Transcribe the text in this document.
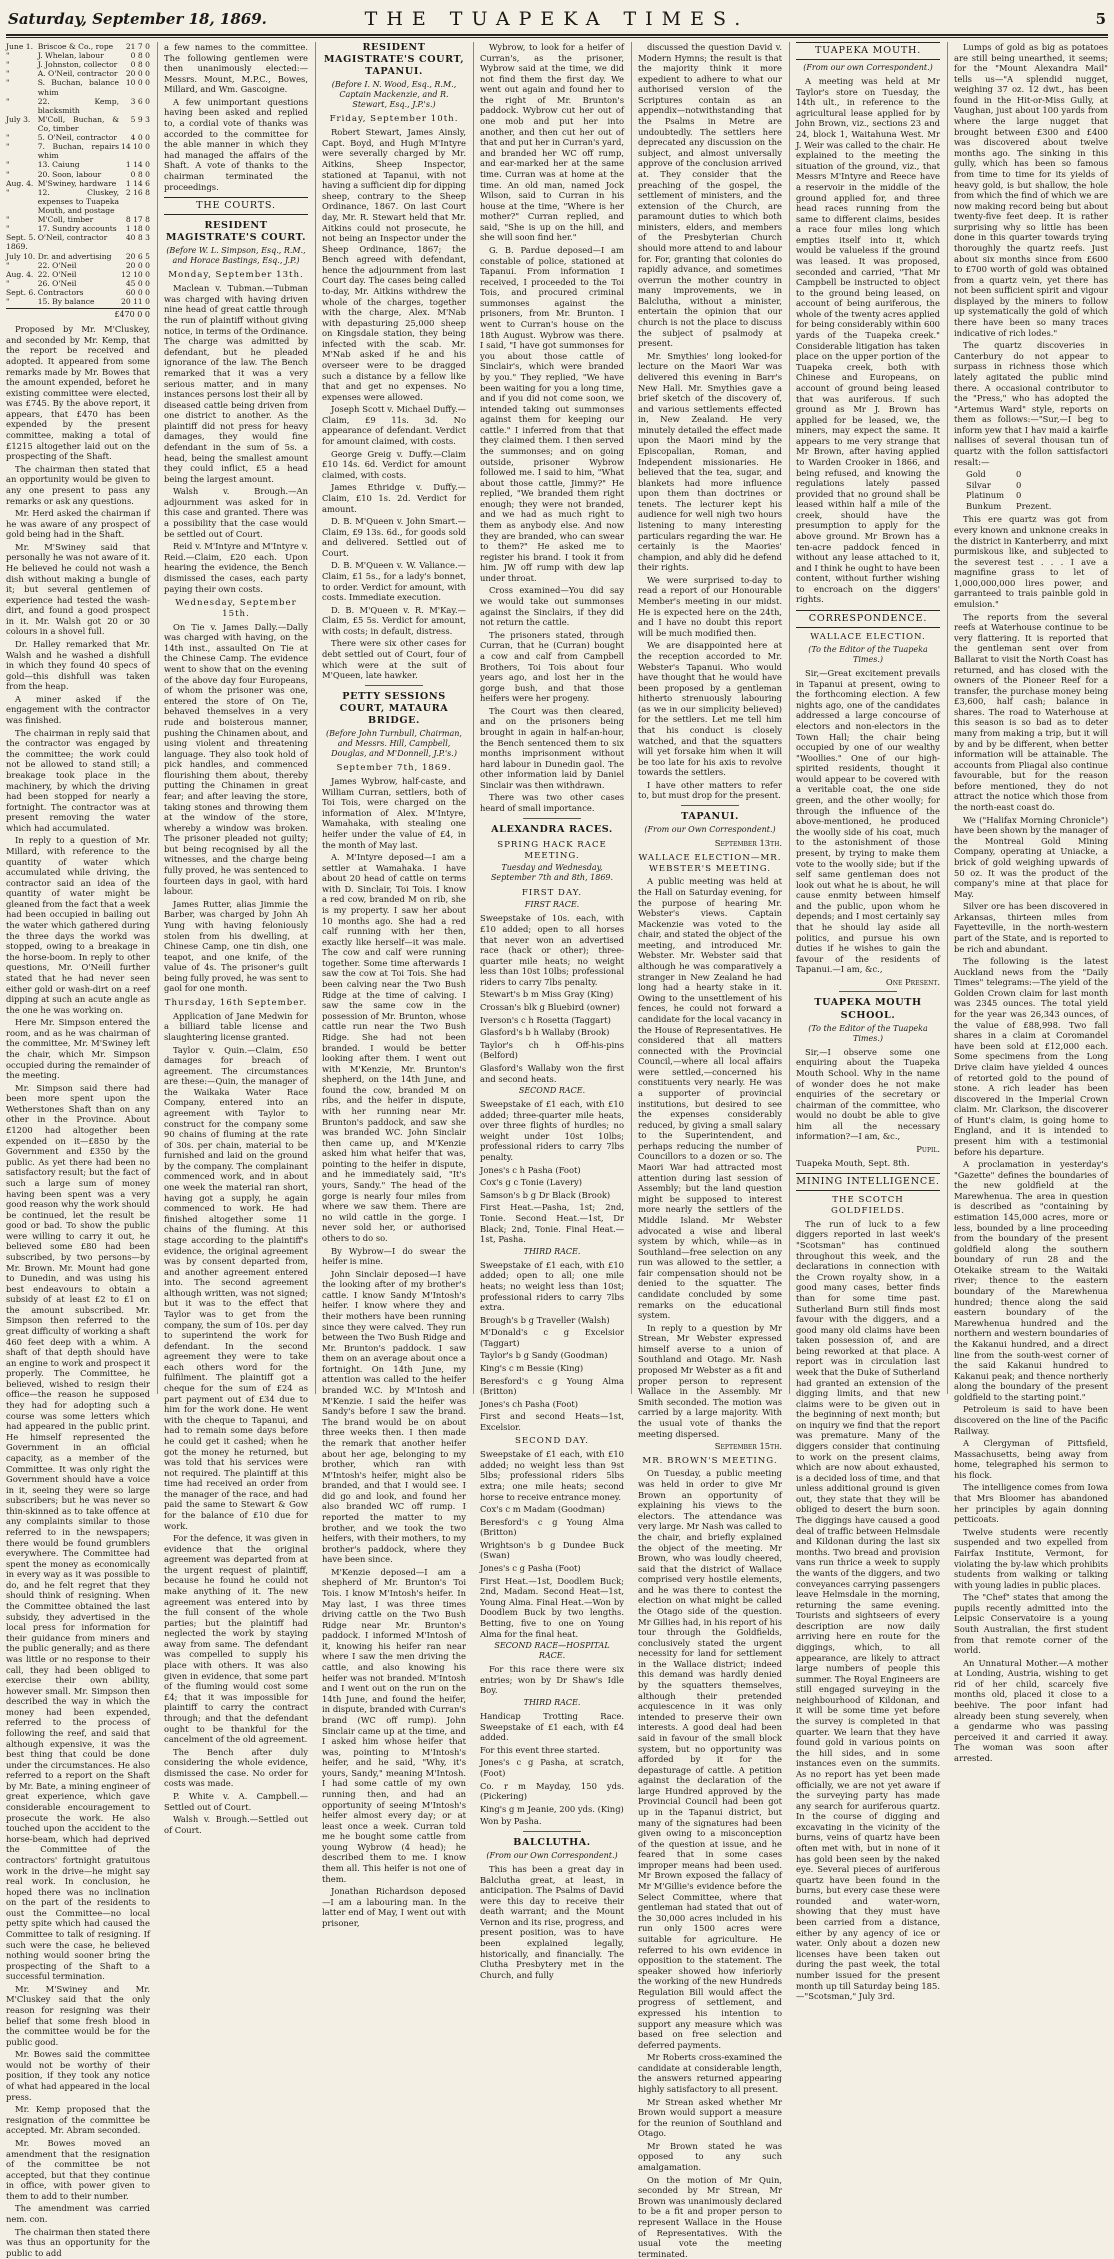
Saturday, September 18, 1869.	THE TUAPEKA TIMES.	5
June 1.	Briscoe & Co., rope	21 7 0
"	J. Whelan, labour	0 8 0
"	J. Johnston, collector	0 8 0
"	A. O'Neil, contractor	20 0 0
"	S. Buchan, balance whim	10 0 0
"	22. Kemp, blacksmith	3 6 0
July 3.	M'Coll, Buchan, & Co, timber	5 9 3
"	5. O'Neil, contractor	4 0 0
"	7. Buchan, repairs whim	14 10 0
"	13. Caiung	1 14 0
"	20. Soon, labour	0 8 0
Aug. 4.	M'Swiney, hardware	1 14 6
"	12. Cluskey, expenses to Tuapeka Mouth, and postage	2 16 8
"	M'Coll, timber	8 17 8
"	17. Sundry accounts	1 18 0
Sept. 5.	O'Neil, contractor	40 8 3
1869.		
July 10.	Dr. and advertising	20 6 5
"	22. O'Neil	20 0 0
Aug. 4.	22. O'Neil	12 10 0
"	26. O'Neil	45 0 0
Sept. 6.	Contractors	60 0 0
"	15. By balance	20 11 0
£470 0 0

Proposed by Mr. M'Cluskey, and seconded by Mr. Kemp, that the report be received and adopted. It appeared from some remarks made by Mr. Bowes that the amount expended, beforet he existing committee were elected, was £745. By the above report, it appears, that £470 has been expended by the present committee, making a total of £1215 altogether laid out on the prospecting of the Shaft.

The chairman then stated that an opportunity would be given to any one present to pass any remarks or ask any questions.

Mr. Herd asked the chairman if he was aware of any prospect of gold being had in the Shaft.

Mr. M'Swiney said that personally he was not aware of it. He believed he could not wash a dish without making a bungle of it; but several gentlemen of experience had tested the wash-dirt, and found a good prospect in it. Mr. Walsh got 20 or 30 colours in a shovel full.

Dr. Halley remarked that Mr. Walsh and he washed a dishfull in which they found 40 specs of gold—this dishfull was taken from the heap.

A miner asked if the engagement with the contractor was finished.

The chairman in reply said that the contractor was engaged by the committee; the work could not be allowed to stand still; a breakage took place in the machinery, by which the driving had been stopped for nearly a fortnight. The contractor was at present removing the water which had accumulated.

In reply to a question of Mr. Millard, with reference to the quantity of water which accumulated while driving, the contractor said an idea of the quantity of water might be gleaned from the fact that a week had been occupied in bailing out the water which gathered during the three days the workd was stopped, owing to a breakage in the horse-boom. In reply to other questions, Mr. O'Neill further stated that he had never seen either gold or wash-dirt on a reef dipping at such an acute angle as the one he was working on.

Here Mr. Simpson entered the room, and as he was chairman of the committee, Mr. M'Swiney left the chair, which Mr. Simpson occupied during the remainder of the meeting.

Mr. Simpson said there had been more spent upon the Wetherstones Shaft than on any other in the Province. About £1200 had altogether been expended on it—£850 by the Government and £350 by the public. As yet there had been no satisfactory result; but the fact of such a large sum of money having been spent was a very good reason why the work should be continued, let the result be good or bad. To show the public were willing to carry it out, he believed some £80 had been subscribed, by two persons—by Mr. Brown. Mr. Mount had gone to Dunedin, and was using his best endeavours to obtain a subsidy of at least £2 to £1 on the amount subscribed. Mr. Simpson then referred to the great difficulty of working a shaft 460 feet deep with a whim. A shaft of that depth should have an engine to work and prospect it properly. The Committee, he believed, wished to resign their office—the reason he supposed they had for adopting such a course was some letters which had appeared in the public print. He himself represented the Government in an official capacity, as a member of the Committee. It was only right the Government should have a voice in it, seeing they were so large subscribers; but he was never so thin-skinned as to take offence at any complaints similar to those referred to in the newspapers; there would be found grumblers everywhere. The Committee had spent the money as economically in every way as it was possible to do, and he felt regret that they should think of resigning. When the Committee obtained the last subsidy, they advertised in the local press for information for their guidance from miners and the public generally; and as there was little or no response to their call, they had been obliged to exercise their own ability, however small. Mr. Simpson then described the way in which the money had been expended, referred to the process of following the reef, and said that although expensive, it was the best thing that could be done under the circumstances. He also referred to a report on the Shaft by Mr. Bate, a mining engineer of great experience, which gave considerable encouragement to prosecute the work. He also touched upon the accident to the horse-beam, which had deprived the Committee of the contractors' fortnight gratuitous work in the drive—he might say real work. In conclusion, he hoped there was no inclination on the part of the residents to oust the Committee—no local petty spite which had caused the Committee to talk of resigning. If such were the case, he believed nothing would sooner bring the prospecting of the Shaft to a successful termination.

Mr. M'Swiney and Mr. M'Cluskey said that the only reason for resigning was their belief that some fresh blood in the committee would be for the public good.

Mr. Bowes said the committee would not be worthy of their position, if they took any notice of what had appeared in the local press.

Mr. Kemp proposed that the resignation of the committee be accepted. Mr. Abram seconded.

Mr. Bowes moved an amendment that the resignation of the committee be not accepted, but that they continue in office, with power given to them to add to their number.

The amendment was carried nem. con.

The chairman then stated there was thus an opportunity for the public to add

a few names to the committee. The following gentlemen were then unanimously elected:—Messrs. Mount, M.P.C., Bowes, Millard, and Wm. Gascoigne.

A few unimportant questions having been asked and replied to, a cordial vote of thanks was accorded to the committee for the able manner in which they had managed the affairs of the Shaft. A vote of thanks to the chairman terminated the proceedings.

THE COURTS.
RESIDENT MAGISTRATE'S COURT.
(Before W. L. Simpson, Esq., R.M., and Horace Bastings, Esq., J.P.)
Monday, September 13th.

Maclean v. Tubman.—Tubman was charged with having driven nine head of great cattle through the run of plaintiff without giving notice, in terms of the Ordinance. The charge was admitted by defendant, but he pleaded ignorance of the law. The Bench remarked that it was a very serious matter, and in many instances persons lost their all by diseased cattle being driven from one district to another. As the plaintiff did not press for heavy damages, they would fine defendant in the sum of 5s. a head, being the smallest amount they could inflict, £5 a head being the largest amount.

Walsh v. Brough.—An adjournment was asked for in this case and granted. There was a possibility that the case would be settled out of Court.

Reid v. M'Intyre and M'Intyre v. Reid.—Claim, £20 each. Upon hearing the evidence, the Bench dismissed the cases, each party paying their own costs.

Wednesday, September 15th.

On Tie v. James Dally.—Dally was charged with having, on the 14th inst., assaulted On Tie at the Chinese Camp. The evidence went to show that on the evening of the above day four Europeans, of whom the prisoner was one, entered the store of On Tie, behaved themselves in a very rude and boisterous manner, pushing the Chinamen about, and using violent and threatening language. They also took hold of pick handles, and commenced flourishing them about, thereby putting the Chinamen in great fear; and after leaving the store, taking stones and throwing them at the window of the store, whereby a window was broken. The prisoner pleaded not guilty; but being recognised by all the witnesses, and the charge being fully proved, he was sentenced to fourteen days in gaol, with hard labour.

James Rutter, alias Jimmie the Barber, was charged by John Ah Yung with having feloniously stolen from his dwelling, at Chinese Camp, one tin dish, one teapot, and one knife, of the value of 4s. The prisoner's guilt being fully proved, he was sent to gaol for one month.

Thursday, 16th September.

Application of Jane Medwin for a billiard table license and slaughtering license granted.

Taylor v. Quin.—Claim, £50 damages for breach of agreement. The circumstances are these:—Quin, the manager of the Waikaka Water Race Company, entered into an agreement with Taylor to construct for the company some 90 chains of fluming at the rate of 30s. per chain, material to be furnished and laid on the ground by the company. The complainant commenced work, and in about one week the material ran short, having got a supply, he again commenced to work. He had finished altogether some 11 chains of the fluming. At this stage according to the plaintiff's evidence, the original agreement was by consent departed from, and another agreement entered into. The second agreement although written, was not signed; but it was to the effect that Taylor was to get from the company, the sum of 10s. per day to superintend the work for defendant. In the second agreement they were to take each others word for the fulfilment. The plaintiff got a cheque for the sum of £24 as part payment out of £34 due to him for the work done. He went with the cheque to Tapanui, and had to remain some days before he could get it cashed; when he got the money he returned, but was told that his services were not required. The plaintiff at this time had received an order from the manager of the race, and had paid the same to Stewart & Gow for the balance of £10 due for work.

For the defence, it was given in evidence that the original agreement was departed from at the urgent request of plaintiff, because he found he could not make anything of it. The new agreement was entered into by the full consent of the whole parties; but the plaintiff had neglected the work by staying away from same. The defendant was compelled to supply his place with others. It was also given in evidence, that some part of the fluming would cost some £4; that it was impossible for plaintiff to carry the contract through; and that the defendant ought to be thankful for the cancelment of the old agreement.

The Bench after duly considering the whole evidence, dismissed the case. No order for costs was made.

P. White v. A. Campbell.—Settled out of Court.

Walsh v. Brough.—Settled out of Court.

RESIDENT MAGISTRATE'S COURT, TAPANUI.
(Before I. N. Wood, Esq., R.M., Captain Mackenzie, and R. Stewart, Esq., J.P.'s.)
Friday, September 10th.

Robert Stewart, James Ainsly, Capt. Boyd, and Hugh M'Intyre were severally charged by Mr. Aitkins, Sheep Inspector, stationed at Tapanui, with not having a sufficient dip for dipping sheep, contrary to the Sheep Ordinance, 1867. On last Court day, Mr. R. Stewart held that Mr. Aitkins could not prosecute, he not being an Inspector under the Sheep Ordinance, 1867; the Bench agreed with defendant, hence the adjournment from last Court day. The cases being called to-day, Mr. Aitkins withdrew the whole of the charges, together with the charge, Alex. M'Nab with depasturing 25,000 sheep on Kingsdale station, they being infected with the scab. Mr. M'Nab asked if he and his overseer were to be dragged such a distance by a fellow like that and get no expenses. No expenses were allowed.

Joseph Scott v. Michael Duffy.—Claim, £9 11s. 3d. No appearance of defendant. Verdict for amount claimed, with costs.

George Greig v. Duffy.—Claim £10 14s. 6d. Verdict for amount claimed, with costs.

James Ethridge v. Duffy.—Claim, £10 1s. 2d. Verdict for amount.

D. B. M'Queen v. John Smart.—Claim, £9 13s. 6d., for goods sold and delivered. Settled out of Court.

D. B. M'Queen v. W. Valiance.—Claim, £1 5s., for a lady's bonnet, to order. Verdict for amount, with costs. Immediate execution.

D. B. M'Queen v. R. M'Kay.—Claim, £5 5s. Verdict for amount, with costs; in default, distress.

There were six other cases for debt settled out of Court, four of which were at the suit of M'Queen, late hawker.

PETTY SESSIONS COURT, MATAURA BRIDGE.
(Before John Turnbull, Chairman, and Messrs. Hill, Campbell, Douglas, and M'Donnell, J.P.'s.)
September 7th, 1869.

James Wybrow, half-caste, and William Curran, settlers, both of Toi Tois, were charged on the information of Alex. M'Intyre, Wamahaka, with stealing one heifer under the value of £4, in the month of May last.

A. M'Intyre deposed—I am a settler at Wamahaka. I have about 20 head of cattle on terms with D. Sinclair, Toi Tois. I know a red cow, branded M on rib, she is my property. I saw her about 10 months ago. She had a red calf running with her then, exactly like herself—it was male. The cow and calf were running together. Some time afterwards I saw the cow at Toi Tois. She had been calving near the Two Bush Ridge at the time of calving. I saw the same cow in the possession of Mr. Brunton, whose cattle run near the Two Bush Ridge. She had not been branded. I would be better looking after them. I went out with M'Kenzie, Mr. Brunton's shepherd, on the 14th June, and found the cow, branded M on ribs, and the heifer in dispute, with her running near Mr. Brunton's paddock, and saw she was branded WC. John Sinclair then came up, and M'Kenzie asked him what heifer that was, pointing to the heifer in dispute, and he immediately said, "It's yours, Sandy." The head of the gorge is nearly four miles from where we saw them. There are no wild cattle in the gorge. I never sold her, or authorised others to do so.

By Wybrow—I do swear the heifer is mine.

John Sinclair deposed—I have the looking after of my brother's cattle. I know Sandy M'Intosh's heifer. I know where they and their mothers have been running since they were calved. They run between the Two Bush Ridge and Mr. Brunton's paddock. I saw them on an average about once a fortnight. On 14th June, my attention was called to the heifer branded W.C. by M'Intosh and M'Kenzie. I said the heifer was Sandy's before I saw the brand. The brand would be on about three weeks then. I then made the remark that another heifer about her age, belonging to my brother, which ran with M'Intosh's heifer, might also be branded, and that I would see. I did go and look, and found her also branded WC off rump. I reported the matter to my brother, and we took the two heifers, with their mothers, to my brother's paddock, where they have been since.

M'Kenzie deposed—I am a shepherd of Mr. Brunton's Toi Tois. I know M'Intosh's heifer. In May last, I was three times driving cattle on the Two Bush Ridge near Mr. Brunton's paddock. I informed M'Intosh of it, knowing his heifer ran near where I saw the men driving the cattle, and also knowing his heifer was not branded. M'Intosh and I went out on the run on the 14th June, and found the heifer, in dispute, branded with Curran's brand (WC off rump). John Sinclair came up at the time, and I asked him whose heifer that was, pointing to M'Intosh's heifer, and he said, "Why, it's yours, Sandy," meaning M'Intosh. I had some cattle of my own running then, and had an opportunity of seeing M'Intosh's heifer almost every day; or at least once a week. Curran told me he bought some cattle from young Wybrow (4 head); he described them to me. I know them all. This heifer is not one of them.

Jonathan Richardson deposed—I am a labouring man. In the latter end of May, I went out with prisoner,

Wybrow, to look for a heifer of Curran's, as the prisoner, Wybrow said at the time, we did not find them the first day. We went out again and found her to the right of Mr. Brunton's paddock. Wybrow cut her out of one mob and put her into another, and then cut her out of that and put her in Curran's yard, and branded her WC off rump, and ear-marked her at the same time. Curran was at home at the time. An old man, named Jock Wilson, said to Curran in his house at the time, "Where is her mother?" Curran replied, and said, "She is up on the hill, and she will soon find her."

G. B. Pardue deposed—I am constable of police, stationed at Tapanui. From information I received, I proceeded to the Toi Tois, and procured criminal summonses against the prisoners, from Mr. Brunton. I went to Curran's house on the 18th August. Wybrow was there. I said, "I have got summonses for you about those cattle of Sinclair's, which were branded by you." They replied, "We have been waiting for you a long time, and if you did not come soon, we intended taking out summonses against them for keeping our cattle." I inferred from that that they claimed them. I then served the summonses; and on going outside, prisoner Wybrow followed me. I said to him, "What about those cattle, Jimmy?" He replied, "We branded them right enough; they were not branded, and we had as much right to them as anybody else. And now they are branded, who can swear to them?" He asked me to register his brand. I took it from him. JW off rump with dew lap under throat.

Cross examined—You did say we would take out summonses against the Sinclairs, if they did not return the cattle.

The prisoners stated, through Curran, that he (Curran) bought a cow and calf from Campbell Brothers, Toi Tois about four years ago, and lost her in the gorge bush, and that those heifers were her progeny.

The Court was then cleared, and on the prisoners being brought in again in half-an-hour, the Bench sentenced them to six months imprisonment without hard labour in Dunedin gaol. The other information laid by Daniel Sinclair was then withdrawn.

There was two other cases heard of small importance.

ALEXANDRA RACES.
SPRING HACK RACE MEETING.
Tuesday and Wednesday, September 7th and 8th, 1869.
FIRST DAY.
FIRST RACE.

Sweepstake of 10s. each, with £10 added; open to all horses that never won an advertised race (hack or other); three-quarter mile heats; no weight less than 10st 10lbs; professional riders to carry 7lbs penalty.

Stewart's b m Miss Gray (King)

Crossan's blk g Bluebird (owner)

Iverson's c h Rosetta (Taggart)

Glasford's b h Wallaby (Brook)

Taylor's ch h Off-his-pins (Belford)

Glasford's Wallaby won the first and second heats.

SECOND RACE.

Sweepstake of £1 each, with £10 added; three-quarter mile heats, over three flights of hurdles; no weight under 10st 10lbs; professional riders to carry 7lbs penalty.

Jones's c h Pasha (Foot)

Cox's g c Tonie (Lavery)

Samson's b g Dr Black (Brook)

First Heat.—Pasha, 1st; 2nd, Tonie. Second Heat.—1st, Dr Black; 2nd, Tonie. Final Heat.—1st, Pasha.

THIRD RACE.

Sweepstake of £1 each, with £10 added; open to all; one mile heats; no weight less than 10st; professional riders to carry 7lbs extra.

Brough's b g Traveller (Walsh)

M'Donald's c g Excelsior (Taggart)

Taylor's b g Sandy (Goodman)

King's c m Bessie (King)

Beresford's c g Young Alma (Britton)

Jones's ch Pasha (Foot)

First and second Heats—1st, Excelsior.

SECOND DAY.

Sweepstake of £1 each, with £10 added; no weight less than 9st 5lbs; professional riders 5lbs extra; one mile heats; second horse to receive entrance money.

Cox's c m Madam (Goodman)

Beresford's c g Young Alma (Britton)

Wrightson's b g Dundee Buck (Swan)

Jones's c g Pasha (Foot)

First Heat.—1st, Doodlem Buck; 2nd, Madam. Second Heat—1st, Young Alma. Final Heat.—Won by Doodlem Buck by two lengths. Betting, five to one on Young Alma for the final heat.

SECOND RACE—HOSPITAL RACE.

For this race there were six entries; won by Dr Shaw's Idle Boy.

THIRD RACE.

Handicap Trotting Race. Sweepstake of £1 each, with £4 added.

For this event three started.

Jones's c g Pasha, at scratch, (Foot)

Co. r m Mayday, 150 yds. (Pickering)

King's g m Jeanie, 200 yds. (King)

Won by Pasha.

BALCLUTHA.
(From our Own Correspondent.)

This has been a great day in Balclutha great, at least, in anticipation. The Psalms of David were this day to receive their death warrant; and the Mount Vernon and its rise, progress, and present position, was to have been explained legally, historically, and financially. The Clutha Presbytery met in the Church, and fully

discussed the question David v. Modern Hymns; the result is that the majority think it more expedient to adhere to what our authorised version of the Scriptures contain as an appendix—notwithstanding that the Psalms in Metre are undoubtedly. The settlers here deprecated any discussion on the subject, and almost universally approve of the conclusion arrived at. They consider that the preaching of the gospel, the settlement of ministers, and the extension of the Church, are paramount duties to which both ministers, elders, and members of the Presbyterian Church should more attend to and labour for. For, granting that colonies do rapidly advance, and sometimes overrun the mother country in many improvements, we in Balclutha, without a minister, entertain the opinion that our church is not the place to discuss the subject of psalmody at present.

Mr. Smythies' long looked-for lecture on the Maori War was delivered this evening in Barr's New Hall. Mr. Smythies gave a brief sketch of the discovery of, and various settlements effected in, New Zealand. He very minutely detailed the effect made upon the Maori mind by the Episcopalian, Roman, and Independent missionaries. He believed that the tea, sugar, and blankets had more influence upon them than doctrines or tenets. The lecturer kept his audience for well nigh two hours listening to many interesting particulars regarding the war. He certainly is the Maories' champion, and ably did he defend their rights.

We were surprised to-day to read a report of our Honourable Member's meeting in our midst. He is expected here on the 24th, and I have no doubt this report will be much modified then.

We are disappointed here at the reception accorded to Mr. Webster's Tapanui. Who would have thought that he would have been proposed by a gentleman hitherto strenuously labouring (as we in our simplicity believed) for the settlers. Let me tell him that his conduct is closely watched, and that the squatters will yet forsake him when it will be too late for his axis to revolve towards the settlers.

I have other matters to refer to, but must drop for the present.

TAPANUI.
(From our Own Correspondent.)
September 13th.
WALLACE ELECTION—MR. WEBSTER'S MEETING.

A public meeting was held at the Hall on Saturday evening, for the purpose of hearing Mr. Webster's views. Captain Mackenzie was voted to the chair, and stated the object of the meeting, and introduced Mr. Webster. Mr. Webster said that although he was comparatively a stranger in New Zealand he had long had a hearty stake in it. Owing to the unsettlement of his fences, he could not forward a candidate for the local vacancy in the House of Representatives. He considered that all matters connected with the Provincial Council,—where all local affairs were settled,—concerned his constituents very nearly. He was a supporter of provincial institutions, but desired to see the expenses considerably reduced, by giving a small salary to the Superintendent, and perhaps reducing the number of Councillors to a dozen or so. The Maori War had attracted most attention during last session of Assembly; but the land question might be supposed to interest more nearly the settlers of the Middle Island. Mr Webster advocated a wise and liberal system by which, while—as in Southland—free selection on any run was allowed to the settler, a fair compensation should not be denied to the squatter. The candidate concluded by some remarks on the educational system.

In reply to a question by Mr Strean, Mr Webster expressed himself averse to a union of Southland and Otago. Mr. Nash proposed Mr Webster as a fit and proper person to represent Wallace in the Assembly. Mr Smith seconded. The motion was carried by a large majority. With the usual vote of thanks the meeting dispersed.

September 15th.
MR. BROWN'S MEETING.

On Tuesday, a public meeting was held in order to give Mr Brown an opportunity of explaining his views to the electors. The attendance was very large. Mr Nash was called to the chair, and briefly explained the object of the meeting. Mr Brown, who was loudly cheered, said that the district of Wallace comprised very hostile elements, and he was there to contest the election on what might be called the Otago side of the question. Mr Gillies had, in his report of his tour through the Goldfields, conclusively stated the urgent necessity for land for settlement in the Wallace district; indeed this demand was hardly denied by the squatters themselves, although their pretended acquiescence in it was only intended to preserve their own interests. A good deal had been said in favour of the small block system, but no opportunity was afforded by it for the depasturage of cattle. A petition against the declaration of the large Hundred approved by the Provincial Council had been got up in the Tapanui district, but many of the signatures had been given owing to a misconception of the question at issue, and he feared that in some cases improper means had been used. Mr Brown exposed the fallacy of Mr M'Gillie's evidence before the Select Committee, where that gentleman had stated that out of the 30,000 acres included in his run only 1500 acres were suitable for agriculture. He referred to his own evidence in opposition to the statement. The speaker showed how inferiorly the working of the new Hundreds Regulation Bill would affect the progress of settlement, and expressed his intention to support any measure which was based on free selection and deferred payments.

Mr Roberts cross-examined the candidate at considerable length, the answers returned appearing highly satisfactory to all present.

Mr Strean asked whether Mr Brown would support a measure for the reunion of Southland and Otago.

Mr Brown stated he was opposed to any such amalgamation.

On the motion of Mr Quin, seconded by Mr Strean, Mr Brown was unanimously declared to be a fit and proper person to represent Wallace in the House of Representatives. With the usual vote the meeting terminated.

TUAPEKA MOUTH.
(From our own Correspondent.)

A meeting was held at Mr Taylor's store on Tuesday, the 14th ult., in reference to the agricultural lease applied for by John Brown, viz., sections 23 and 24, block 1, Waitahuna West. Mr J. Weir was called to the chair. He explained to the meeting the situation of the ground, viz., that Messrs M'Intyre and Reece have a reservoir in the middle of the ground applied for, and three head races running from the same to different claims, besides a race four miles long which empties itself into it, which would be valueless if the ground was leased. It was proposed, seconded and carried, "That Mr Campbell be instructed to object to the ground being leased, on account of being auriferous, the whole of the twenty acres applied for being considerably within 600 yards of the Tuapeka creek." Considerable litigation has taken place on the upper portion of the Tuapeka creek, both with Chinese and Europeans, on account of ground being leased that was auriferous. If such ground as Mr J. Brown has applied for be leased, we, the miners, may expect the same. It appears to me very strange that Mr Brown, after having applied to Warden Crooker in 1866, and being refused, and knowing the regulations lately passed provided that no ground shall be leased within half a mile of the creek, should have the presumption to apply for the above ground. Mr Brown has a ten-acre paddock fenced in without any lease attached to it, and I think he ought to have been content, without further wishing to encroach on the diggers' rights.

CORRESPONDENCE.
WALLACE ELECTION.
(To the Editor of the Tuapeka Times.)

Sir,—Great excitement prevails in Tapanui at present, owing to the forthcoming election. A few nights ago, one of the candidates addressed a large concourse of electors and non-electors in the Town Hall; the chair being occupied by one of our wealthy "Woollies." One of our high-spirited residents, thought it would appear to be covered with a veritable coat, the one side green, and the other woolly; for through the influence of the above-mentioned, he produced the woolly side of his coat, much to the astonishment of those present, by trying to make them vote to the woolly side; but if the self same gentleman does not look out what he is about, he will cause enmity between himself and the public, upon whom he depends; and I most certainly say that he should lay aside all politics, and pursue his own duties if he wishes to gain the favour of the residents of Tapanui.—I am, &c.,

One Present.
TUAPEKA MOUTH SCHOOL.
(To the Editor of the Tuapeka Times.)

Sir,—I observe some one enquiring about the Tuapeka Mouth School. Why in the name of wonder does he not make enquiries of the secretary or chairman of the committee, who would no doubt be able to give him all the necessary information?—I am, &c.,

Pupil.

Tuapeka Mouth, Sept. 8th.

MINING INTELLIGENCE.
THE SCOTCH GOLDFIELDS.

The run of luck to a few diggers reported in last week's "Scotsman" has continued throughout this week, and the declarations in connection with the Crown royalty show, in a good many cases, better finds than for some time past. Sutherland Burn still finds most favour with the diggers, and a good many old claims have been taken possession of, and are being reworked at that place. A report was in circulation last week that the Duke of Sutherland had granted an extension of the digging limits, and that new claims were to be given out in the beginning of next month; but on inquiry we find that the report was premature. Many of the diggers consider that continuing to work on the present claims, which are now about exhausted, is a decided loss of time, and that unless additional ground is given out, they state that they will be obliged to desert the burn soon. The diggings have caused a good deal of traffic between Helmsdale and Kildonan during the last six months. Two bread and provision vans run thrice a week to supply the wants of the diggers, and two conveyances carrying passengers leave Helmsdale in the morning, returning the same evening. Tourists and sightseers of every description are now daily arriving here en route for the diggings, which, to all appearance, are likely to attract large numbers of people this summer. The Royal Engineers are still engaged surveying in the neighbourhood of Kildonan, and it will be some time yet before the survey is completed in that quarter. We learn that they have found gold in various points on the hill sides, and in some instances even on the summits. As no report has yet been made officially, we are not yet aware if the surveying party has made any search for auriferous quartz. In the course of digging and excavating in the vicinity of the burns, veins of quartz have been often met with, but in none of it has gold been seen by the naked eye. Several pieces of auriferous quartz have been found in the burns, but every case these were rounded and water-worn, showing that they must have been carried from a distance, either by any agency of ice or water. Only about a dozen new licenses have been taken out during the past week, the total number issued for the present month up till Saturday being 185.—"Scotsman," July 3rd.

Lumps of gold as big as potatoes are still being unearthed, it seems; for the "Mount Alexandra Mail" tells us—"A splendid nugget, weighing 37 oz. 12 dwt., has been found in the Hit-or-Miss Gully, at Vaughan, just about 100 yards from where the large nugget that brought between £300 and £400 was discovered about twelve months ago. The sinking in this gully, which has been so famous from time to time for its yields of heavy gold, is but shallow, the hole from which the find of which we are now making record being but about twenty-five feet deep. It is rather surprising why so little has been done in this quarter towards trying thoroughly the quartz reefs. Just about six months since from £600 to £700 worth of gold was obtained from a quartz vein, yet there has not been sufficient spirit and vigour displayed by the miners to follow up systematically the gold of which there have been so many traces indicative of rich lodes."

The quartz discoveries in Canterbury do not appear to surpass in richness those which lately agitated the public mind there. A occasional contributor to the "Press," who has adopted the "Artemus Ward" style, reports on them as follows:—"Sur,—I beg to inform yew that I hav maid a kairfle nallises of several thousan tun of quartz with the follon sattisfactori resalt:—

Gold	0
Silvar	0
Platinum	0
Bunkum	Prezent.

This ere quartz was got from every known and unknone creaks in the district in Kanterberry, and mixt purmiskous like, and subjected to the severest test . . . I ave a magnifine grass to let of 1,000,000,000 lires power, and garranteed to trais painble gold in emulsion."

The reports from the several reefs at Waterhouse continue to be very flattering. It is reported that the gentleman sent over from Ballarat to visit the North Coast has returned, and has closed with the owners of the Pioneer Reef for a transfer, the purchase money being £3,600, half cash; balance in shares. The road to Waterhouse at this season is so bad as to deter many from making a trip, but it will by and by be different, when better information will be attainable. The accounts from Pliagal also continue favourable, but for the reason before mentioned, they do not attract the notice which those from the north-east coast do.

We ("Halifax Morning Chronicle") have been shown by the manager of the Montreal Gold Mining Company, operating at Uniacke, a brick of gold weighing upwards of 50 oz. It was the product of the company's mine at that place for May.

Silver ore has been discovered in Arkansas, thirteen miles from Fayetteville, in the north-western part of the State, and is reported to be rich and abundant.

The following is the latest Auckland news from the "Daily Times" telegrams:—The yield of the Golden Crown claim for last month was 2345 ounces. The total yield for the year was 26,343 ounces, of the value of £88,998. Two fall shares in a claim at Coromandel have been sold at £12,000 each. Some specimens from the Long Drive claim have yielded 4 ounces of retorted gold to the pound of stone. A rich leader has been discovered in the Imperial Crown claim. Mr. Clarkson, the discoverer of Hunt's claim, is going home to England, and it is intended to present him with a testimonial before his departure.

A proclamation in yesterday's "Gazette" defines the boundaries of the new goldfield at the Marewhenua. The area in question is described as "containing by estimation 145,000 acres, more or less, bounded by a line proceeding from the boundary of the present goldfield along the southern boundary of run 28 and the Otekaike stream to the Waitaki river; thence to the eastern boundary of the Marewhenua hundred; thence along the said eastern boundary of the Marewhenua hundred and the northern and western boundaries of the Kakanui hundred, and a direct line from the south-west corner of the said Kakanui hundred to Kakanui peak; and thence northerly along the boundary of the present goldfield to the starting point."

Petroleum is said to have been discovered on the line of the Pacific Railway.

A Clergyman of Pittsfield, Massachusetts, being away from home, telegraphed his sermon to his flock.

The intelligence comes from Iowa that Mrs Bloomer has abandoned her principles by again donning petticoats.

Twelve students were recently suspended and two expelled from Fairfax Institute, Vermont, for violating the by-law which prohibits students from walking or talking with young ladies in public places.

The "Chef" states that among the pupils recently admitted into the Leipsic Conservatoire is a young South Australian, the first student from that remote corner of the world.

An Unnatural Mother.—A mother at Londing, Austria, wishing to get rid of her child, scarcely five months old, placed it close to a beehive. The poor infant had already been stung severely, when a gendarme who was passing perceived it and carried it away. The woman was soon after arrested.
